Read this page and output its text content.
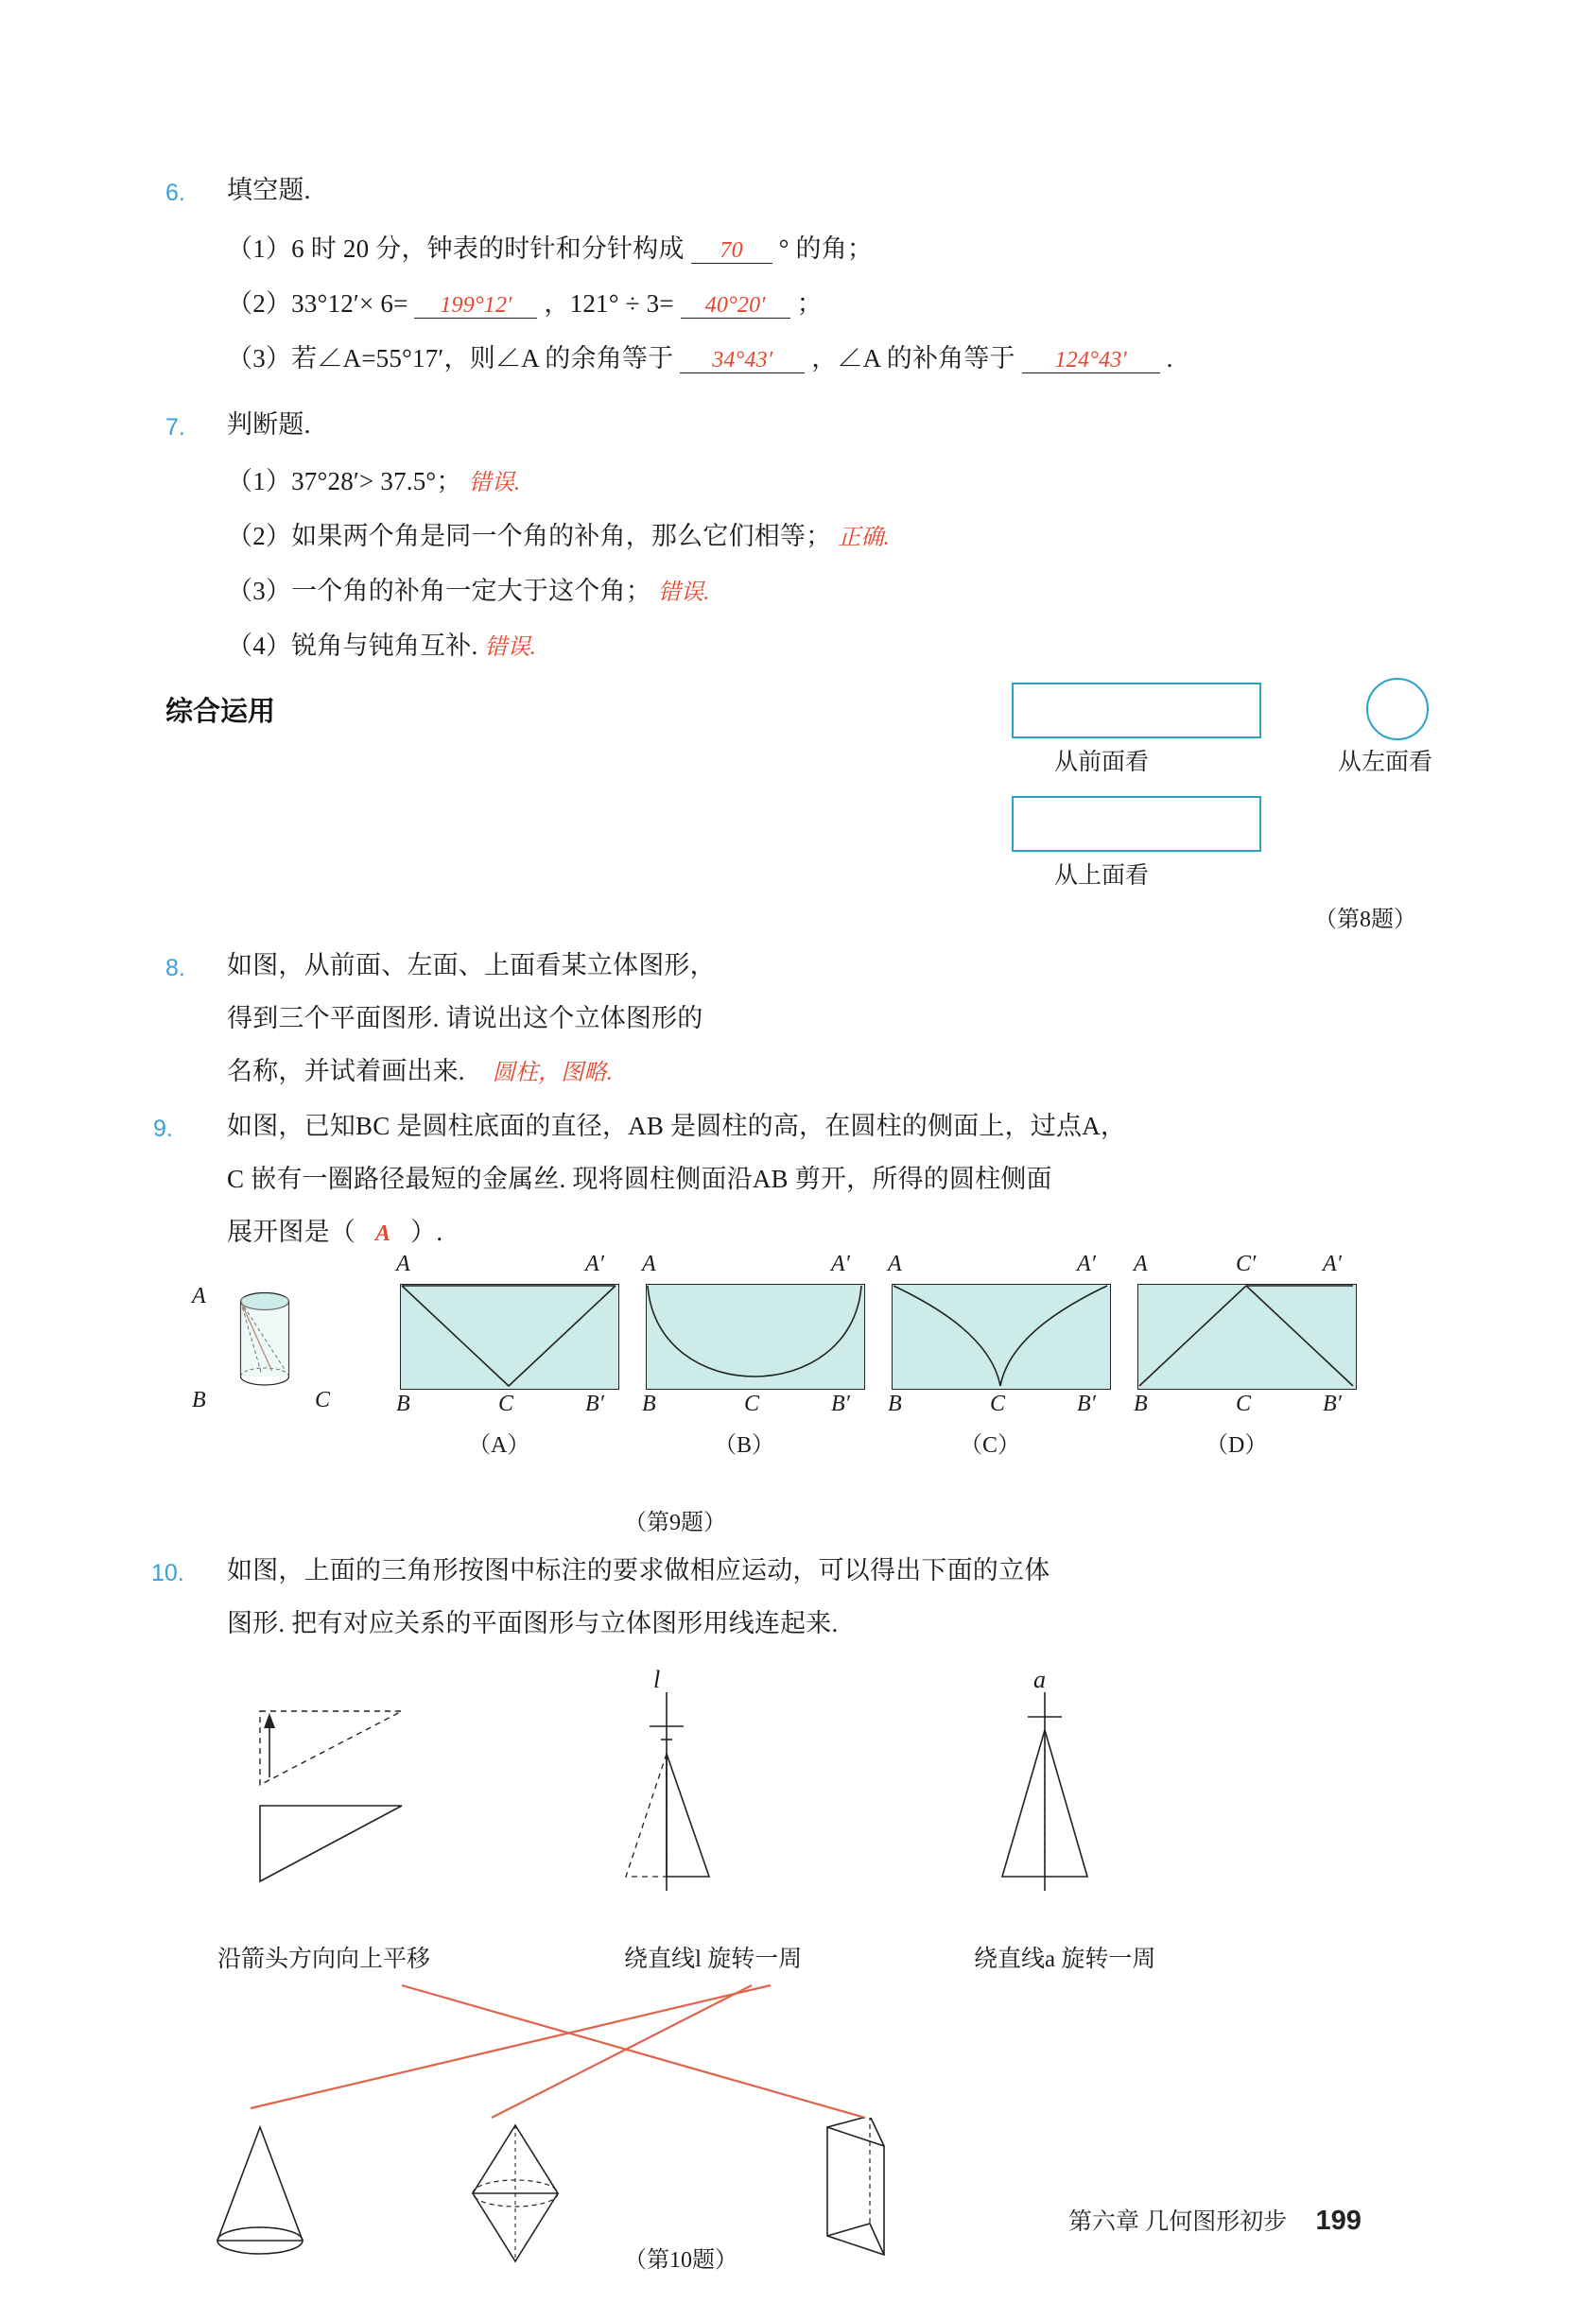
6. 填空题.
（1）6 时 20 分，钟表的时针和分针构成 70 ° 的角；
（2）33°12′× 6= 199°12′ ，121° ÷ 3= 40°20′ ；
（3）若∠A=55°17′，则∠A 的余角等于 34°43′ ，∠A 的补角等于 124°43′ .
7. 判断题.
（1）37°28′> 37.5°； 错误.
（2）如果两个角是同一个角的补角，那么它们相等； 正确.
（3）一个角的补角一定大于这个角； 错误.
（4）锐角与钝角互补. 错误.
综合运用
8. 如图，从前面、左面、上面看某立体图形，
得到三个平面图形. 请说出这个立体图形的
名称，并试着画出来. 圆柱，图略.
从前面看	从左面看
从上面看
（第8题）
9. 如图，已知BC 是圆柱底面的直径，AB 是圆柱的高，在圆柱的侧面上，过点A，
C 嵌有一圈路径最短的金属丝. 现将圆柱侧面沿AB 剪开，所得的圆柱侧面
展开图是（ A ）.
A
B	C
A	A′
B	C	B′
（A）
A	A′
B	C	B′
（B）
A	A′
B	C	B′
（C）
A	C′	A′
B	C	B′
（D）
（第9题）
10. 如图，上面的三角形按图中标注的要求做相应运动，可以得出下面的立体
图形. 把有对应关系的平面图形与立体图形用线连起来.
l	a
沿箭头方向向上平移	绕直线l 旋转一周	绕直线a 旋转一周
（第10题）
第六章 几何图形初步 199
